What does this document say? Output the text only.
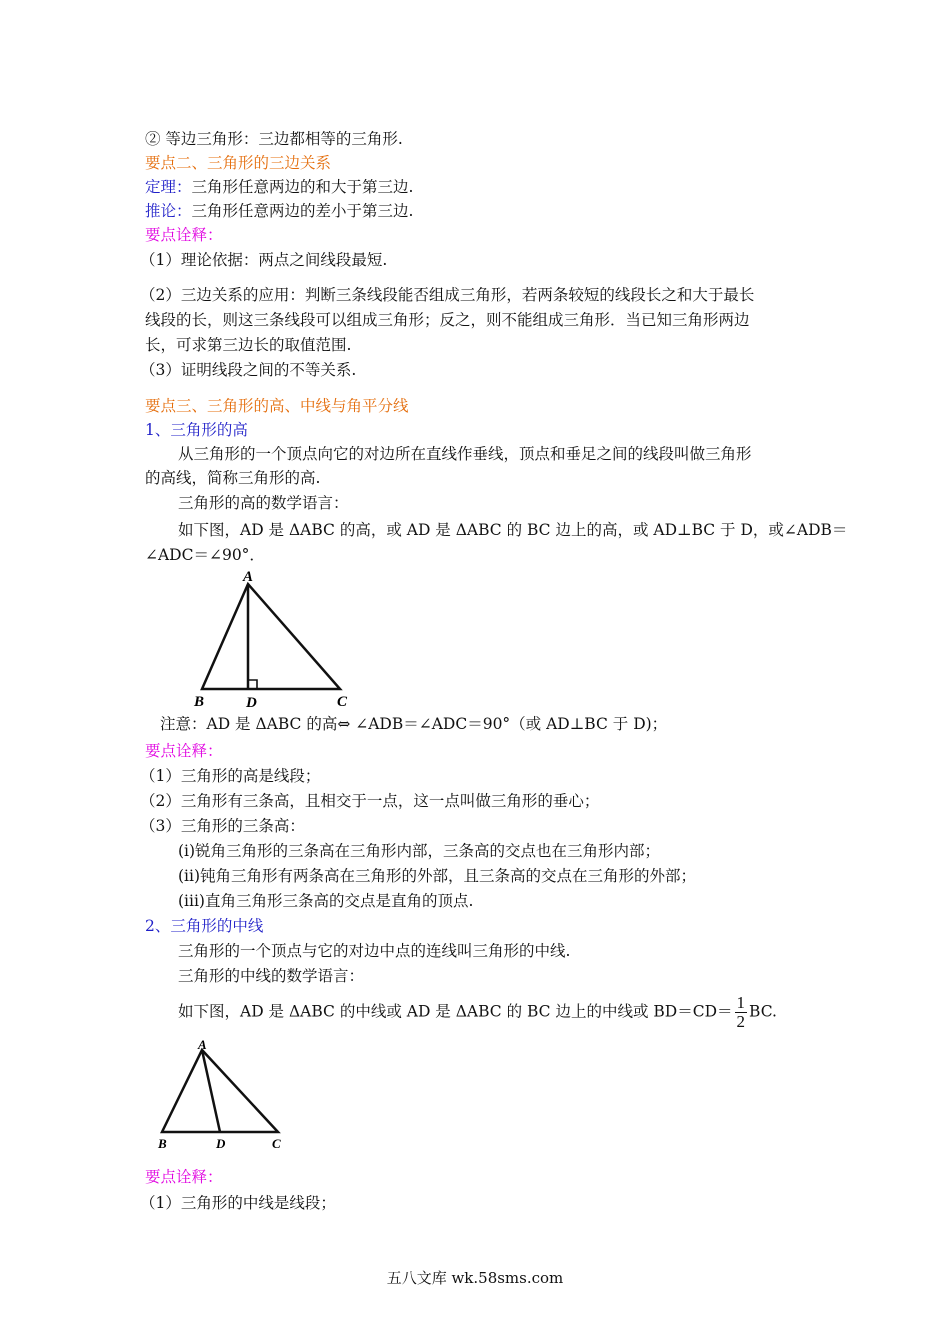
② 等边三角形：三边都相等的三角形.
要点二、三角形的三边关系
定理：三角形任意两边的和大于第三边.
推论：三角形任意两边的差小于第三边.
要点诠释：
（1）理论依据：两点之间线段最短.
（2）三边关系的应用：判断三条线段能否组成三角形，若两条较短的线段长之和大于最长
线段的长，则这三条线段可以组成三角形；反之，则不能组成三角形．当已知三角形两边
长，可求第三边长的取值范围.
（3）证明线段之间的不等关系.
要点三、三角形的高、中线与角平分线
1、三角形的高
从三角形的一个顶点向它的对边所在直线作垂线，顶点和垂足之间的线段叫做三角形
的高线，简称三角形的高.
三角形的高的数学语言：
如下图，AD 是 ΔABC 的高，或 AD 是 ΔABC 的 BC 边上的高，或 AD⊥BC 于 D，或∠ADB＝
∠ADC＝∠90°．
A
B	D	C
注意：AD 是 ΔABC 的高⇔ ∠ADB＝∠ADC＝90°（或 AD⊥BC 于 D)；
要点诠释：
（1）三角形的高是线段；
（2）三角形有三条高，且相交于一点，这一点叫做三角形的垂心；
（3）三角形的三条高：
(i)锐角三角形的三条高在三角形内部，三条高的交点也在三角形内部；
(ii)钝角三角形有两条高在三角形的外部，且三条高的交点在三角形的外部；
(iii)直角三角形三条高的交点是直角的顶点.
2、三角形的中线
三角形的一个顶点与它的对边中点的连线叫三角形的中线.
三角形的中线的数学语言：
如下图，AD 是 ΔABC 的中线或 AD 是 ΔABC 的 BC 边上的中线或 $BD=CD= \frac{1}{2}$ BC.
A
B	D	C
要点诠释：
（1）三角形的中线是线段；
五八文库 wk.58sms.com
